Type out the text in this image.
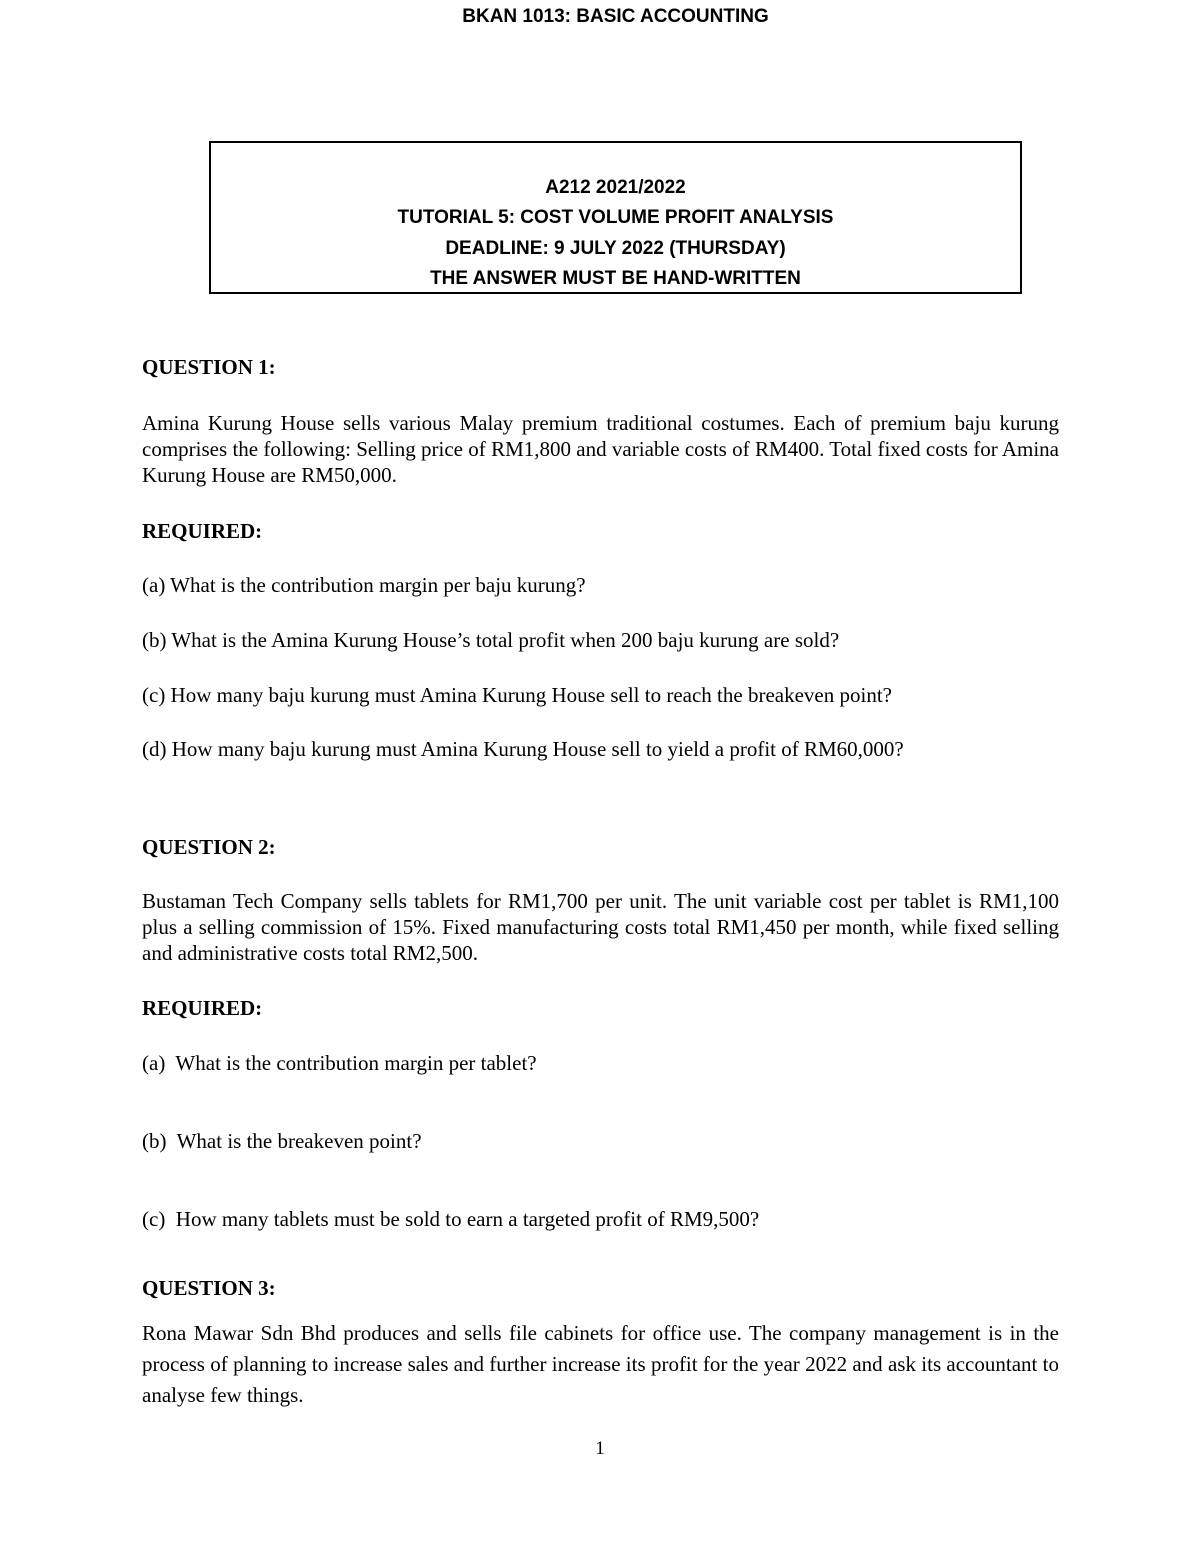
BKAN 1013: BASIC ACCOUNTING
A212 2021/2022
TUTORIAL 5: COST VOLUME PROFIT ANALYSIS
DEADLINE: 9 JULY 2022 (THURSDAY)
THE ANSWER MUST BE HAND-WRITTEN
QUESTION 1:
Amina Kurung House sells various Malay premium traditional costumes. Each of premium baju kurung comprises the following: Selling price of RM1,800 and variable costs of RM400. Total fixed costs for Amina Kurung House are RM50,000.
REQUIRED:
(a) What is the contribution margin per baju kurung?
(b) What is the Amina Kurung House’s total profit when 200 baju kurung are sold?
(c) How many baju kurung must Amina Kurung House sell to reach the breakeven point?
(d) How many baju kurung must Amina Kurung House sell to yield a profit of RM60,000?
QUESTION 2:
Bustaman Tech Company sells tablets for RM1,700 per unit. The unit variable cost per tablet is RM1,100 plus a selling commission of 15%. Fixed manufacturing costs total RM1,450 per month, while fixed selling and administrative costs total RM2,500.
REQUIRED:
(a)  What is the contribution margin per tablet?
(b)  What is the breakeven point?
(c)  How many tablets must be sold to earn a targeted profit of RM9,500?
QUESTION 3:
Rona Mawar Sdn Bhd produces and sells file cabinets for office use. The company management is in the process of planning to increase sales and further increase its profit for the year 2022 and ask its accountant to analyse few things.
1
